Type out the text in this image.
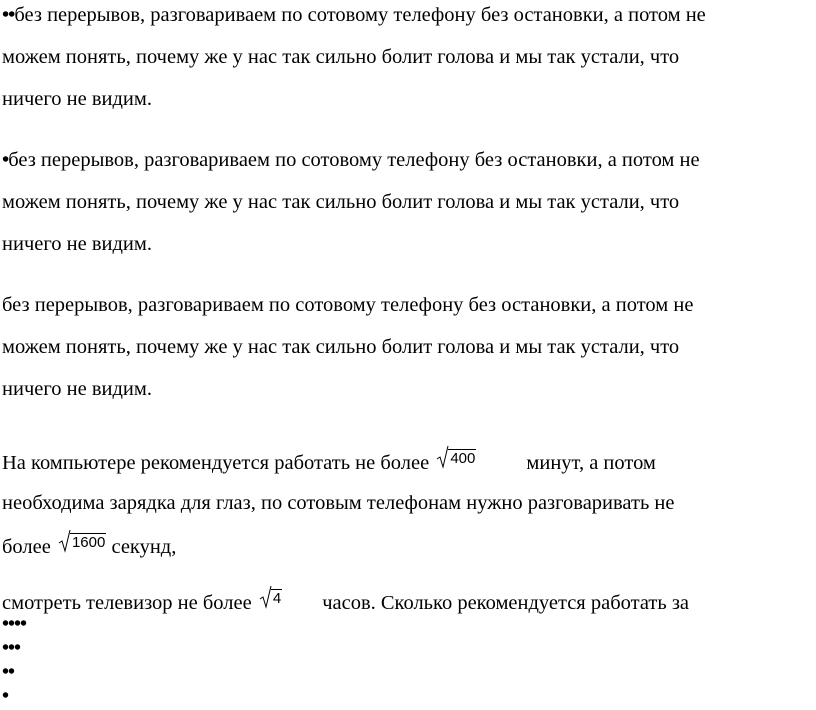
••без перерывов, разговариваем по сотовому телефону без остановки, а потом не
можем понять, почему же у нас так сильно болит голова и мы так устали, что
ничего не видим.
•без перерывов, разговариваем по сотовому телефону без остановки, а потом не
можем понять, почему же у нас так сильно болит голова и мы так устали, что
ничего не видим.
без перерывов, разговариваем по сотовому телефону без остановки, а потом не
можем понять, почему же у нас так сильно болит голова и мы так устали, что
ничего не видим.
На компьютере рекомендуется работать не более 400 минут, а потом
необходима зарядка для глаз, по сотовым телефонам нужно разговаривать не
более 1600 секунд,
смотреть телевизор не более 4 часов. Сколько рекомендуется работать за
••••
•••
••
•
